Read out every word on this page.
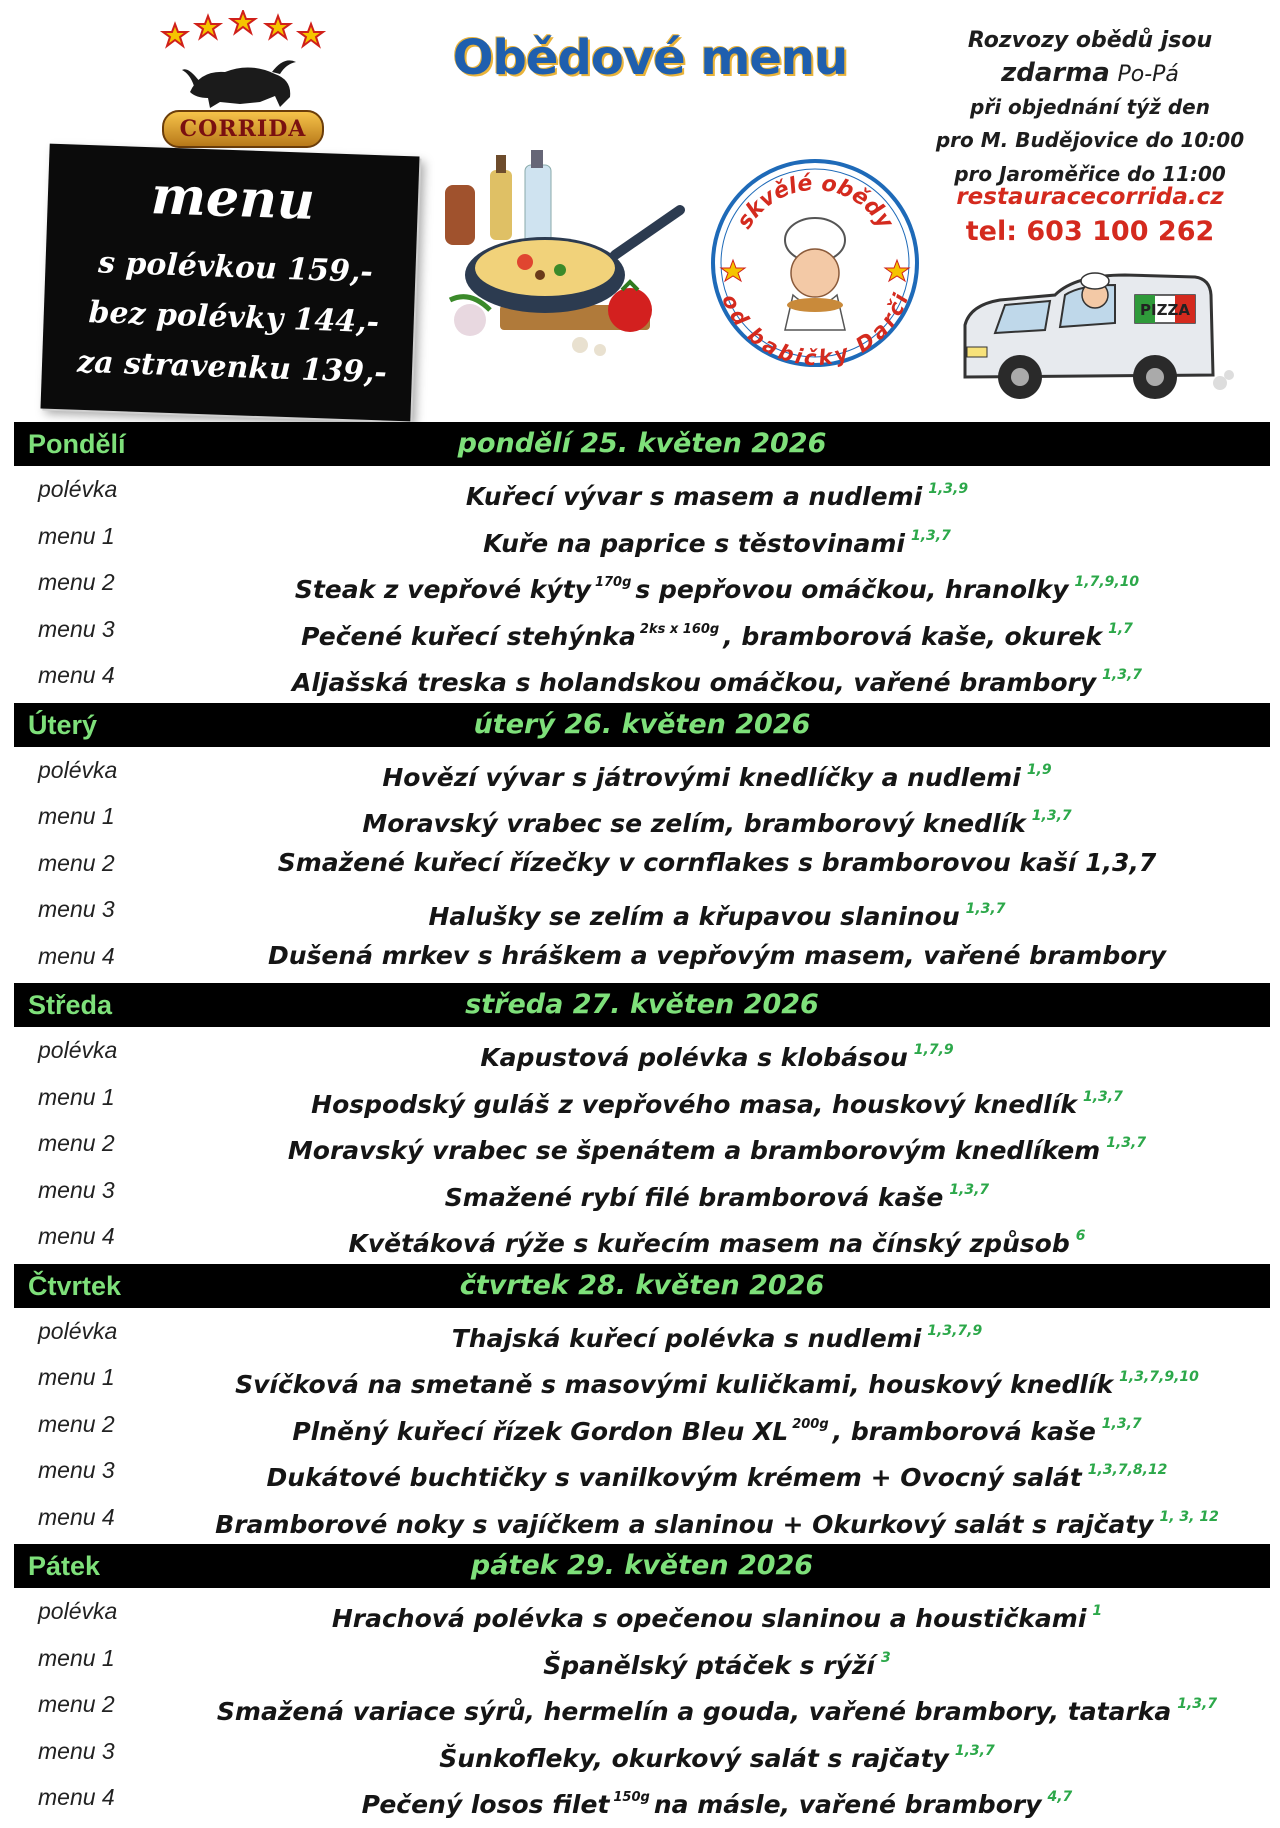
CORRIDA
Obědové menu	Rozvozy obědů jsou
zdarma Po-Pá
při objednání týž den
pro M. Budějovice do 10:00
pro Jaroměřice do 11:00
restauracecorrida.cz
tel: 603 100 262
menu
s polévkou 159,-
bez polévky 144,-
za stravenku 139,-
skvělé obědy
od babičky Darči
PIZZA
pondělí 25. květen 2026
Pondělí
polévka	Kuřecí vývar s masem a nudlemi $^{1,3,9}$
menu 1	Kuře na paprice s těstovinami $^{1,3,7}$
menu 2	Steak z vepřové kýty $^{170g}$ s pepřovou omáčkou, hranolky $^{1,7,9,10}$
menu 3	Pečené kuřecí stehýnka $^{2ks x 160g}$ , bramborová kaše, okurek $^{1,7}$
menu 4	Aljašská treska s holandskou omáčkou, vařené brambory $^{1,3,7}$
úterý 26. květen 2026
Úterý
polévka	Hovězí vývar s játrovými knedlíčky a nudlemi $^{1,9}$
menu 1	Moravský vrabec se zelím, bramborový knedlík $^{1,3,7}$
menu 2	Smažené kuřecí řízečky v cornflakes s bramborovou kaší 1,3,7
menu 3	Halušky se zelím a křupavou slaninou $^{1,3,7}$
menu 4	Dušená mrkev s hráškem a vepřovým masem, vařené brambory
středa 27. květen 2026
Středa
polévka	Kapustová polévka s klobásou $^{1,7,9}$
menu 1	Hospodský guláš z vepřového masa, houskový knedlík $^{1,3,7}$
menu 2	Moravský vrabec se špenátem a bramborovým knedlíkem $^{1,3,7}$
menu 3	Smažené rybí filé bramborová kaše $^{1,3,7}$
menu 4	Květáková rýže s kuřecím masem na čínský způsob $^6$
čtvrtek 28. květen 2026
Čtvrtek
polévka	Thajská kuřecí polévka s nudlemi $^{1,3,7,9}$
menu 1	Svíčková na smetaně s masovými kuličkami, houskový knedlík $^{1,3,7,9,10}$
menu 2	Plněný kuřecí řízek Gordon Bleu XL $^{200g}$ , bramborová kaše $^{1,3,7}$
menu 3	Dukátové buchtičky s vanilkovým krémem + Ovocný salát $^{1,3,7,8,12}$
menu 4	Bramborové noky s vajíčkem a slaninou + Okurkový salát s rajčaty $^{1, 3, 12}$
pátek 29. květen 2026
Pátek
polévka	Hrachová polévka s opečenou slaninou a houstičkami $^1$
menu 1	Španělský ptáček s rýží $^3$
menu 2	Smažená variace sýrů, hermelín a gouda, vařené brambory, tatarka $^{1,3,7}$
menu 3	Šunkofleky, okurkový salát s rajčaty $^{1,3,7}$
menu 4	Pečený losos filet $^{150g}$ na másle, vařené brambory $^{4,7}$
